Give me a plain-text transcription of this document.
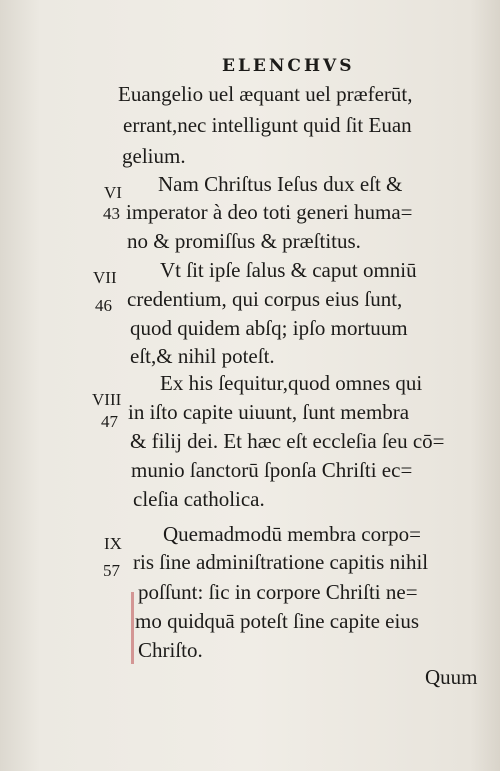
ELENCHVS
Euangelio uel æquant uel præferūt,
errant,nec intelligunt quid ſit Euan
gelium.
VI Nam Chriſtus Ieſus dux eſt &
43 imperator à deo toti generi huma=
no & promiſſus & præſtitus.
VII Vt ſit ipſe ſalus & caput omniū
46 credentium, qui corpus eius ſunt,
quod quidem abſq; ipſo mortuum
eſt,& nihil poteſt.
VIII
Ex his ſequitur,quod omnes qui
47 in iſto capite uiuunt, ſunt membra
& filij dei. Et hæc eſt eccleſia ſeu cō=
munio ſanctorū ſponſa Chriſti ec=
cleſia catholica.
IX Quemadmodū membra corpo=
57 ris ſine adminiſtratione capitis nihil
poſſunt: ſic in corpore Chriſti ne=
mo quidquā poteſt ſine capite eius
Chriſto.
Quum
